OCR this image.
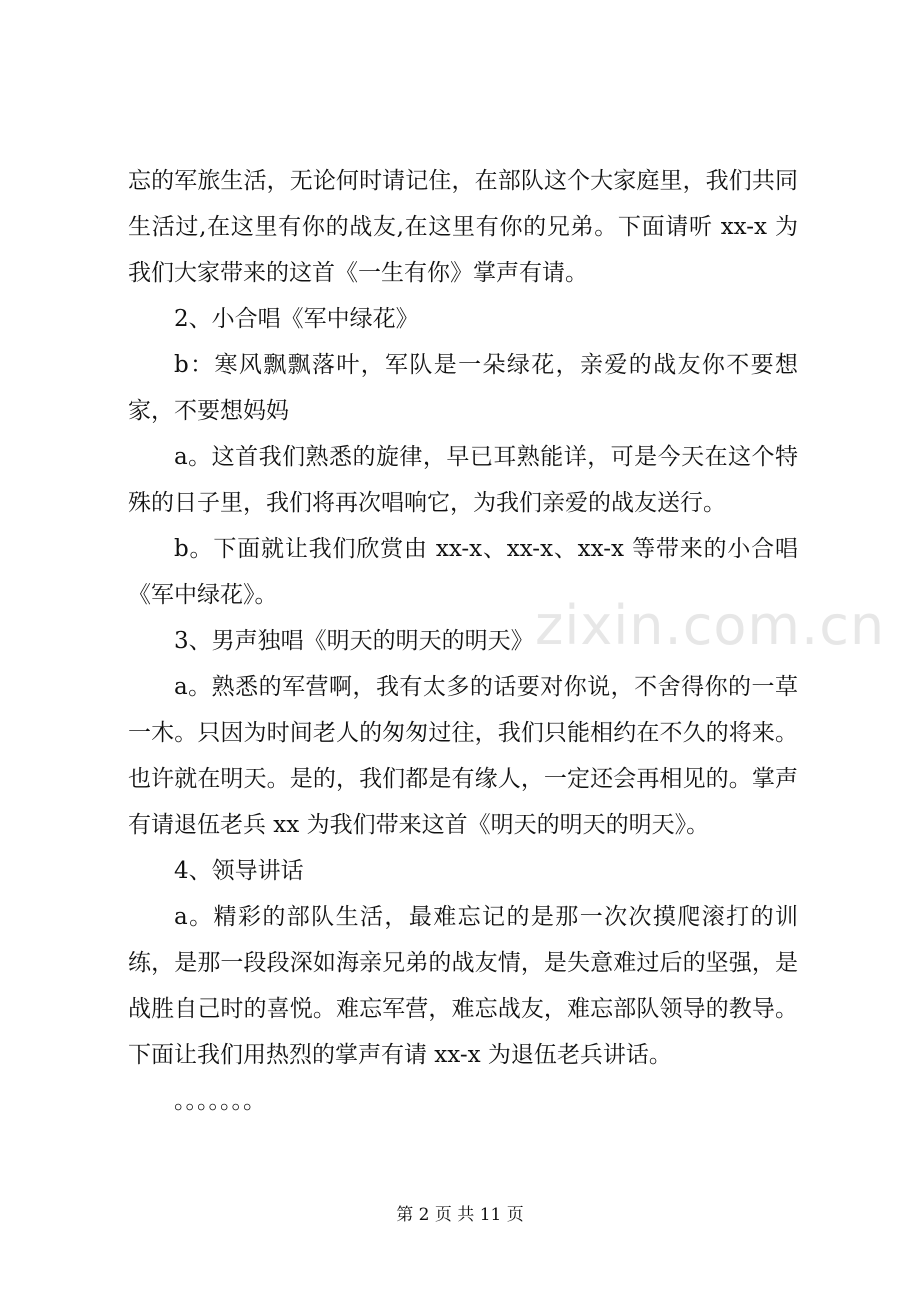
忘的军旅生活，无论何时请记住，在部队这个大家庭里，我们共同生活过,在这里有你的战友,在这里有你的兄弟。下面请听 xx-x 为我们大家带来的这首《一生有你》掌声有请。

2、小合唱《军中绿花》

b：寒风飘飘落叶，军队是一朵绿花，亲爱的战友你不要想家，不要想妈妈

a。这首我们熟悉的旋律，早已耳熟能详，可是今天在这个特殊的日子里，我们将再次唱响它，为我们亲爱的战友送行。

b。下面就让我们欣赏由 xx-x、xx-x、xx-x 等带来的小合唱《军中绿花》。

3、男声独唱《明天的明天的明天》

a。熟悉的军营啊，我有太多的话要对你说，不舍得你的一草一木。只因为时间老人的匆匆过往，我们只能相约在不久的将来。也许就在明天。是的，我们都是有缘人，一定还会再相见的。掌声有请退伍老兵 xx 为我们带来这首《明天的明天的明天》。

4、领导讲话

a。精彩的部队生活，最难忘记的是那一次次摸爬滚打的训练，是那一段段深如海亲兄弟的战友情，是失意难过后的坚强，是战胜自己时的喜悦。难忘军营，难忘战友，难忘部队领导的教导。下面让我们用热烈的掌声有请 xx-x 为退伍老兵讲话。

。。。。。。。

zixin.com.cn
第 2 页 共 11 页
